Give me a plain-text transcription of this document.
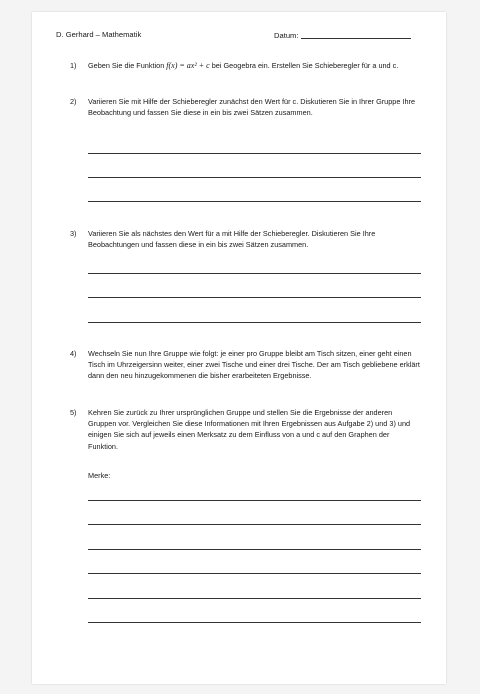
D. Gerhard – Mathematik	Datum:
1) Geben Sie die Funktion f(x) = ax² + c bei Geogebra ein. Erstellen Sie Schieberegler für a und c.
2) Variieren Sie mit Hilfe der Schieberegler zunächst den Wert für c. Diskutieren Sie in Ihrer Gruppe Ihre Beobachtung und fassen Sie diese in ein bis zwei Sätzen zusammen.
3) Variieren Sie als nächstes den Wert für a mit Hilfe der Schieberegler. Diskutieren Sie Ihre Beobachtungen und fassen diese in ein bis zwei Sätzen zusammen.
4) Wechseln Sie nun Ihre Gruppe wie folgt: je einer pro Gruppe bleibt am Tisch sitzen, einer geht einen Tisch im Uhrzeigersinn weiter, einer zwei Tische und einer drei Tische. Der am Tisch gebliebene erklärt dann den neu hinzugekommenen die bisher erarbeiteten Ergebnisse.
5) Kehren Sie zurück zu Ihrer ursprünglichen Gruppe und stellen Sie die Ergebnisse der anderen Gruppen vor. Vergleichen Sie diese Informationen mit Ihren Ergebnissen aus Aufgabe 2) und 3) und einigen Sie sich auf jeweils einen Merksatz zu dem Einfluss von a und c auf den Graphen der Funktion.
Merke:
